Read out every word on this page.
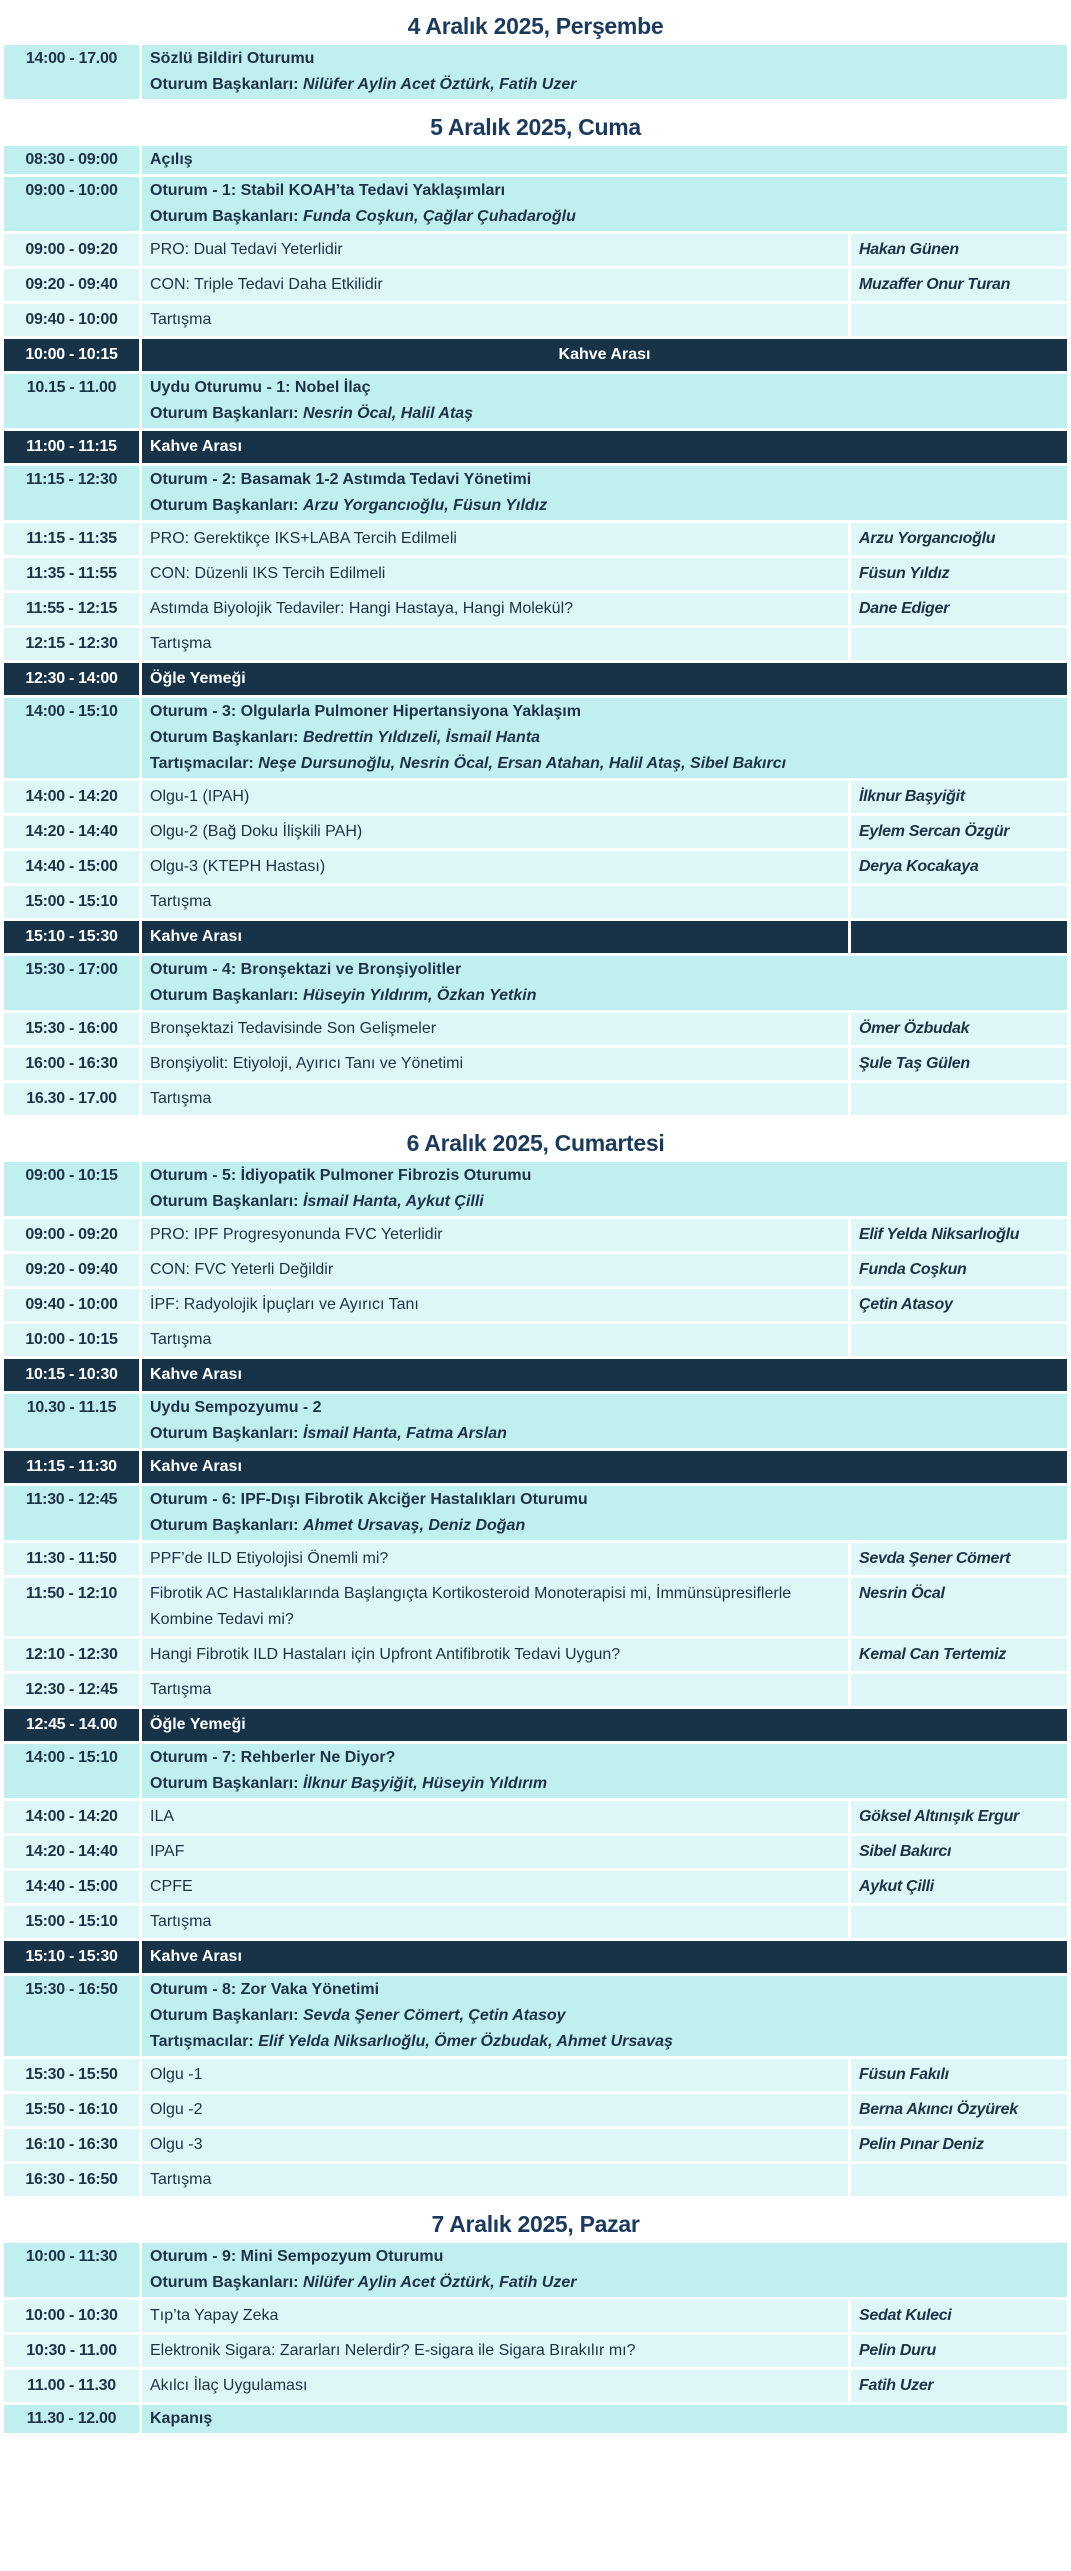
4 Aralık 2025, Perşembe
14:00 - 17.00	Sözlü Bildiri Oturumu
Oturum Başkanları: Nilüfer Aylin Acet Öztürk, Fatih Uzer
5 Aralık 2025, Cuma
08:30 - 09:00	Açılış	

09:00 - 10:00	Oturum - 1: Stabil KOAH’ta Tedavi Yaklaşımları
Oturum Başkanları: Funda Coşkun, Çağlar Çuhadaroğlu	

09:00 - 09:20	PRO: Dual Tedavi Yeterlidir	Hakan Günen
09:20 - 09:40	CON: Triple Tedavi Daha Etkilidir	Muzaffer Onur Turan
09:40 - 10:00	Tartışma	
10:00 - 10:15	Kahve Arası	
10.15 - 11.00	Uydu Oturumu - 1: Nobel İlaç
Oturum Başkanları: Nesrin Öcal, Halil Ataş	

11:00 - 11:15	Kahve Arası	
11:15 - 12:30	Oturum - 2: Basamak 1-2 Astımda Tedavi Yönetimi
Oturum Başkanları: Arzu Yorgancıoğlu, Füsun Yıldız	

11:15 - 11:35	PRO: Gerektikçe IKS+LABA Tercih Edilmeli	Arzu Yorgancıoğlu
11:35 - 11:55	CON: Düzenli IKS Tercih Edilmeli	Füsun Yıldız
11:55 - 12:15	Astımda Biyolojik Tedaviler: Hangi Hastaya, Hangi Molekül?	Dane Ediger
12:15 - 12:30	Tartışma	
12:30 - 14:00	Öğle Yemeği	
14:00 - 15:10	Oturum - 3: Olgularla Pulmoner Hipertansiyona Yaklaşım
Oturum Başkanları: Bedrettin Yıldızeli, İsmail Hanta
Tartışmacılar: Neşe Dursunoğlu, Nesrin Öcal, Ersan Atahan, Halil Ataş, Sibel Bakırcı	

14:00 - 14:20	Olgu-1 (IPAH)	İlknur Başyiğit
14:20 - 14:40	Olgu-2 (Bağ Doku İlişkili PAH)	Eylem Sercan Özgür
14:40 - 15:00	Olgu-3 (KTEPH Hastası)	Derya Kocakaya
15:00 - 15:10	Tartışma	
15:10 - 15:30	Kahve Arası	
15:30 - 17:00	Oturum - 4: Bronşektazi ve Bronşiyolitler
Oturum Başkanları: Hüseyin Yıldırım, Özkan Yetkin	

15:30 - 16:00	Bronşektazi Tedavisinde Son Gelişmeler	Ömer Özbudak
16:00 - 16:30	Bronşiyolit: Etiyoloji, Ayırıcı Tanı ve Yönetimi	Şule Taş Gülen
16.30 - 17.00	Tartışma	
6 Aralık 2025, Cumartesi
09:00 - 10:15	Oturum - 5: İdiyopatik Pulmoner Fibrozis Oturumu
Oturum Başkanları: İsmail Hanta, Aykut Çilli	

09:00 - 09:20	PRO: IPF Progresyonunda FVC Yeterlidir	Elif Yelda Niksarlıoğlu
09:20 - 09:40	CON: FVC Yeterli Değildir	Funda Coşkun
09:40 - 10:00	İPF: Radyolojik İpuçları ve Ayırıcı Tanı	Çetin Atasoy
10:00 - 10:15	Tartışma	
10:15 - 10:30	Kahve Arası	
10.30 - 11.15	Uydu Sempozyumu - 2
Oturum Başkanları: İsmail Hanta, Fatma Arslan	

11:15 - 11:30	Kahve Arası	
11:30 - 12:45	Oturum - 6: IPF-Dışı Fibrotik Akciğer Hastalıkları Oturumu
Oturum Başkanları: Ahmet Ursavaş, Deniz Doğan	

11:30 - 11:50	PPF’de ILD Etiyolojisi Önemli mi?	Sevda Şener Cömert
11:50 - 12:10	Fibrotik AC Hastalıklarında Başlangıçta Kortikosteroid Monoterapisi mi, İmmünsüpresiflerle Kombine Tedavi mi?	Nesrin Öcal
12:10 - 12:30	Hangi Fibrotik ILD Hastaları için Upfront Antifibrotik Tedavi Uygun?	Kemal Can Tertemiz
12:30 - 12:45	Tartışma	
12:45 - 14.00	Öğle Yemeği	
14:00 - 15:10	Oturum - 7: Rehberler Ne Diyor?
Oturum Başkanları: İlknur Başyiğit, Hüseyin Yıldırım	

14:00 - 14:20	ILA	Göksel Altınışık Ergur
14:20 - 14:40	IPAF	Sibel Bakırcı
14:40 - 15:00	CPFE	Aykut Çilli
15:00 - 15:10	Tartışma	
15:10 - 15:30	Kahve Arası	
15:30 - 16:50	Oturum - 8: Zor Vaka Yönetimi
Oturum Başkanları: Sevda Şener Cömert, Çetin Atasoy
Tartışmacılar: Elif Yelda Niksarlıoğlu, Ömer Özbudak, Ahmet Ursavaş	

15:30 - 15:50	Olgu -1	Füsun Fakılı
15:50 - 16:10	Olgu -2	Berna Akıncı Özyürek
16:10 - 16:30	Olgu -3	Pelin Pınar Deniz
16:30 - 16:50	Tartışma	
7 Aralık 2025, Pazar
10:00 - 11:30	Oturum - 9: Mini Sempozyum Oturumu
Oturum Başkanları: Nilüfer Aylin Acet Öztürk, Fatih Uzer	

10:00 - 10:30	Tıp’ta Yapay Zeka	Sedat Kuleci
10:30 - 11.00	Elektronik Sigara: Zararları Nelerdir? E-sigara ile Sigara Bırakılır mı?	Pelin Duru
11.00 - 11.30	Akılcı İlaç Uygulaması	Fatih Uzer
11.30 - 12.00	Kapanış	
